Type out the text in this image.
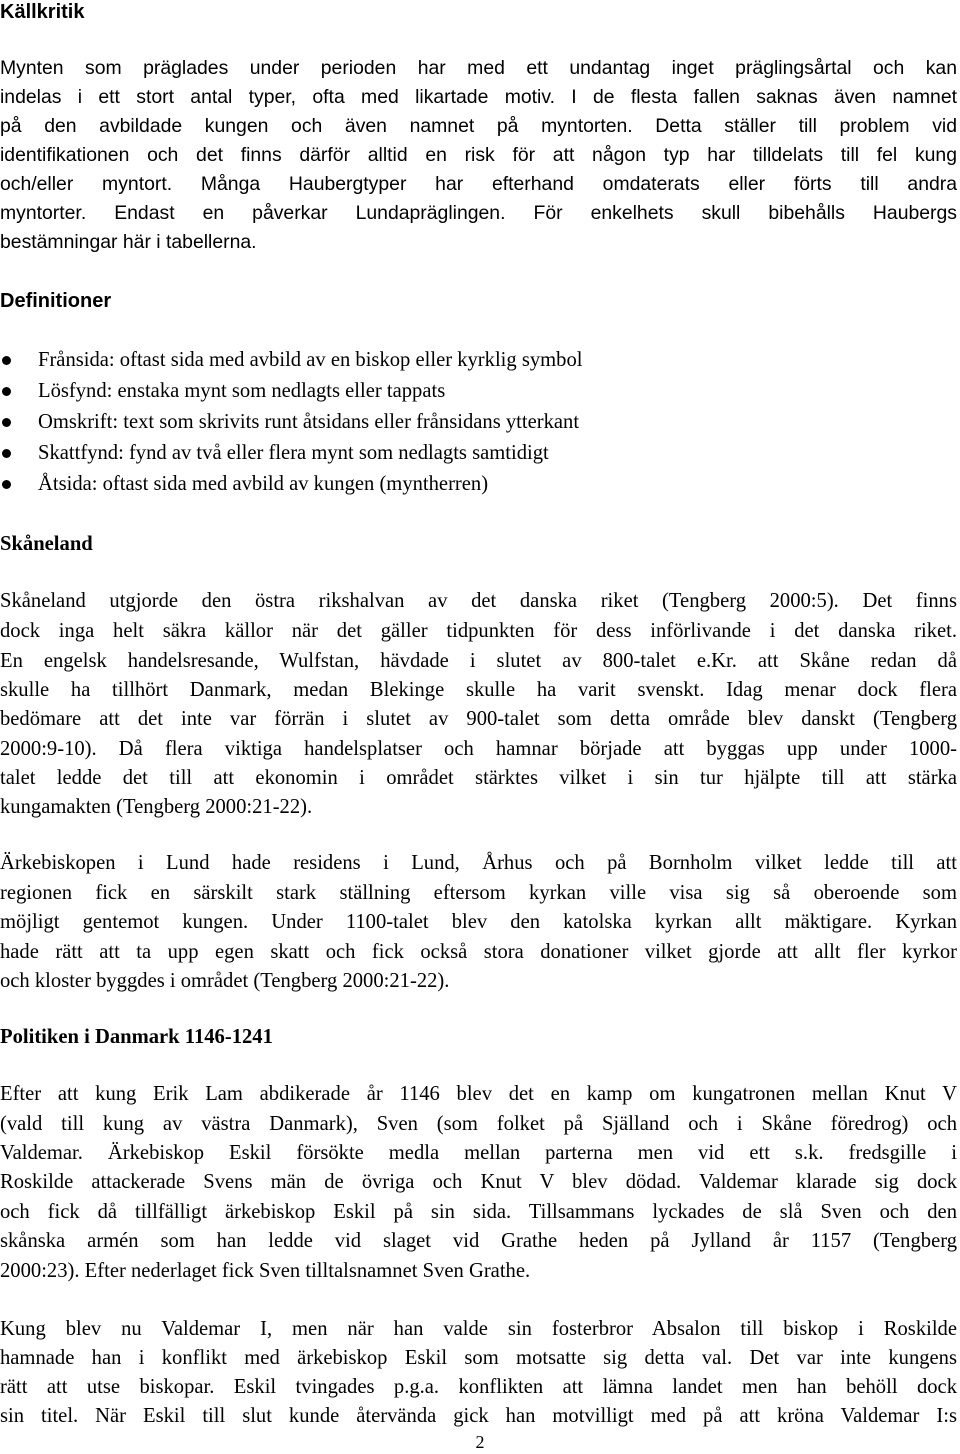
Källkritik
Mynten som präglades under perioden har med ett undantag inget präglingsårtal och kan
indelas i ett stort antal typer, ofta med likartade motiv. I de flesta fallen saknas även namnet
på den avbildade kungen och även namnet på myntorten. Detta ställer till problem vid
identifikationen och det finns därför alltid en risk för att någon typ har tilldelats till fel kung
och/eller myntort. Många Haubergtyper har efterhand omdaterats eller förts till andra
myntorter. Endast en påverkar Lundapräglingen. För enkelhets skull bibehålls Haubergs
bestämningar här i tabellerna.
Definitioner
Frånsida: oftast sida med avbild av en biskop eller kyrklig symbol
Lösfynd: enstaka mynt som nedlagts eller tappats
Omskrift: text som skrivits runt åtsidans eller frånsidans ytterkant
Skattfynd: fynd av två eller flera mynt som nedlagts samtidigt
Åtsida: oftast sida med avbild av kungen (myntherren)
Skåneland
Skåneland utgjorde den östra rikshalvan av det danska riket (Tengberg 2000:5). Det finns
dock inga helt säkra källor när det gäller tidpunkten för dess införlivande i det danska riket.
En engelsk handelsresande, Wulfstan, hävdade i slutet av 800-talet e.Kr. att Skåne redan då
skulle ha tillhört Danmark, medan Blekinge skulle ha varit svenskt. Idag menar dock flera
bedömare att det inte var förrän i slutet av 900-talet som detta område blev danskt (Tengberg
2000:9-10). Då flera viktiga handelsplatser och hamnar började att byggas upp under 1000-
talet ledde det till att ekonomin i området stärktes vilket i sin tur hjälpte till att stärka
kungamakten (Tengberg 2000:21-22).
Ärkebiskopen i Lund hade residens i Lund, Århus och på Bornholm vilket ledde till att
regionen fick en särskilt stark ställning eftersom kyrkan ville visa sig så oberoende som
möjligt gentemot kungen. Under 1100-talet blev den katolska kyrkan allt mäktigare. Kyrkan
hade rätt att ta upp egen skatt och fick också stora donationer vilket gjorde att allt fler kyrkor
och kloster byggdes i området (Tengberg 2000:21-22).
Politiken i Danmark 1146-1241
Efter att kung Erik Lam abdikerade år 1146 blev det en kamp om kungatronen mellan Knut V
(vald till kung av västra Danmark), Sven (som folket på Själland och i Skåne föredrog) och
Valdemar. Ärkebiskop Eskil försökte medla mellan parterna men vid ett s.k. fredsgille i
Roskilde attackerade Svens män de övriga och Knut V blev dödad. Valdemar klarade sig dock
och fick då tillfälligt ärkebiskop Eskil på sin sida. Tillsammans lyckades de slå Sven och den
skånska armén som han ledde vid slaget vid Grathe heden på Jylland år 1157 (Tengberg
2000:23). Efter nederlaget fick Sven tilltalsnamnet Sven Grathe.
Kung blev nu Valdemar I, men när han valde sin fosterbror Absalon till biskop i Roskilde
hamnade han i konflikt med ärkebiskop Eskil som motsatte sig detta val. Det var inte kungens
rätt att utse biskopar. Eskil tvingades p.g.a. konflikten att lämna landet men han behöll dock
sin titel. När Eskil till slut kunde återvända gick han motvilligt med på att kröna Valdemar I:s
2
